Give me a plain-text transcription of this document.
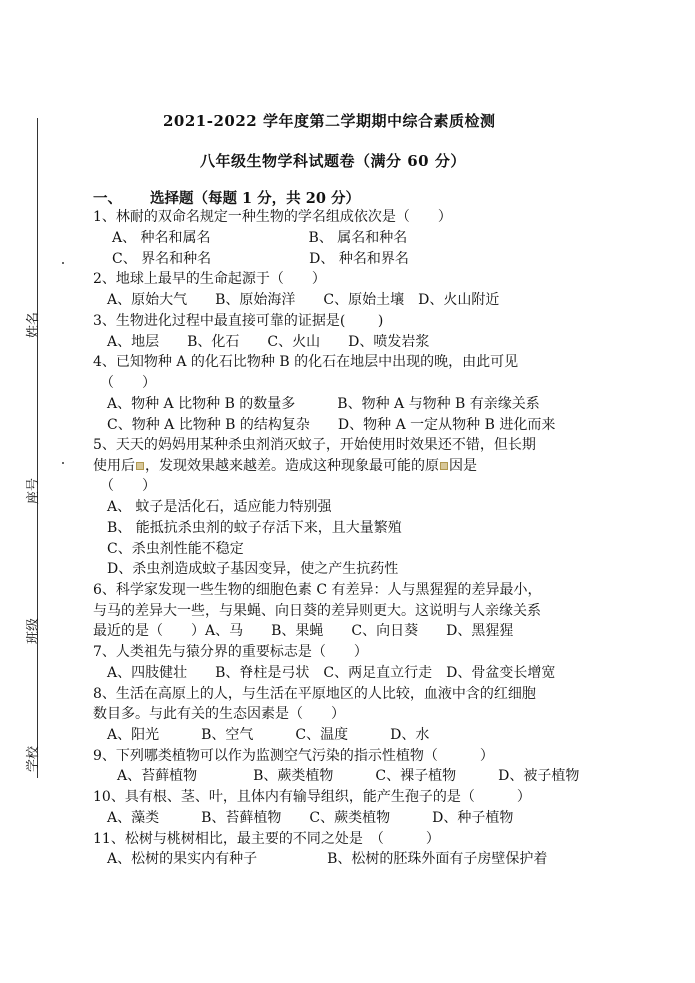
姓名
座号
班级
学校
2021-2022 学年度第二学期期中综合素质检测
八年级生物学科试题卷（满分 60 分）
一、 选择题（每题 1 分，共 20 分）
1、林耐的双命名规定一种生物的学名组成依次是（　　）
A、 种名和属名　　　　　　　B、 属名和种名
C、 界名和种名　　　　　　　D、 种名和界名
2、地球上最早的生命起源于（　　）
A、原始大气　　B、原始海洋　　C、原始土壤　D、火山附近
3、生物进化过程中最直接可靠的证据是(　　 )
A、地层　　B、化石　　C、火山　　D、喷发岩浆
4、已知物种 A 的化石比物种 B 的化石在地层中出现的晚，由此可见
（　　）
A、物种 A 比物种 B 的数量多　　　B、物种 A 与物种 B 有亲缘关系
C、物种 A 比物种 B 的结构复杂　　D、物种 A 一定从物种 B 进化而来
5、天天的妈妈用某种杀虫剂消灭蚊子，开始使用时效果还不错，但长期
使用后 ，发现效果越来越差。造成这种现象最可能的原 因是
（　　）
A、 蚊子是活化石，适应能力特别强
B、 能抵抗杀虫剂的蚊子存活下来，且大量繁殖
C、杀虫剂性能不稳定
D、杀虫剂造成蚊子基因变异，使之产生抗药性
6、科学家发现一些生物的细胞色素 C 有差异：人与黑猩猩的差异最小，
与马的差异大一些，与果蝇、向日葵的差异则更大。这说明与人亲缘关系
最近的是（　　）A、马　　B、果蝇　　C、向日葵　　D、黑猩猩
7、人类祖先与猿分界的重要标志是（　　）
A、四肢健壮　　B、脊柱是弓状　C、两足直立行走　D、骨盆变长增宽
8、生活在高原上的人，与生活在平原地区的人比较，血液中含的红细胞
数目多。与此有关的生态因素是（　　）
A、阳光　　　B、空气　　　C、温度　　　D、水
9、下列哪类植物可以作为监测空气污染的指示性植物（　　　）
A、苔藓植物　　　　B、蕨类植物　　　C、裸子植物　　　D、被子植物
10、具有根、茎、叶，且体内有输导组织，能产生孢子的是（　　　）
A、藻类　　　B、苔藓植物　　C、蕨类植物　　　D、种子植物
11、松树与桃树相比，最主要的不同之处是　（　　　）
A、松树的果实内有种子　　　　　B、松树的胚珠外面有子房壁保护着
